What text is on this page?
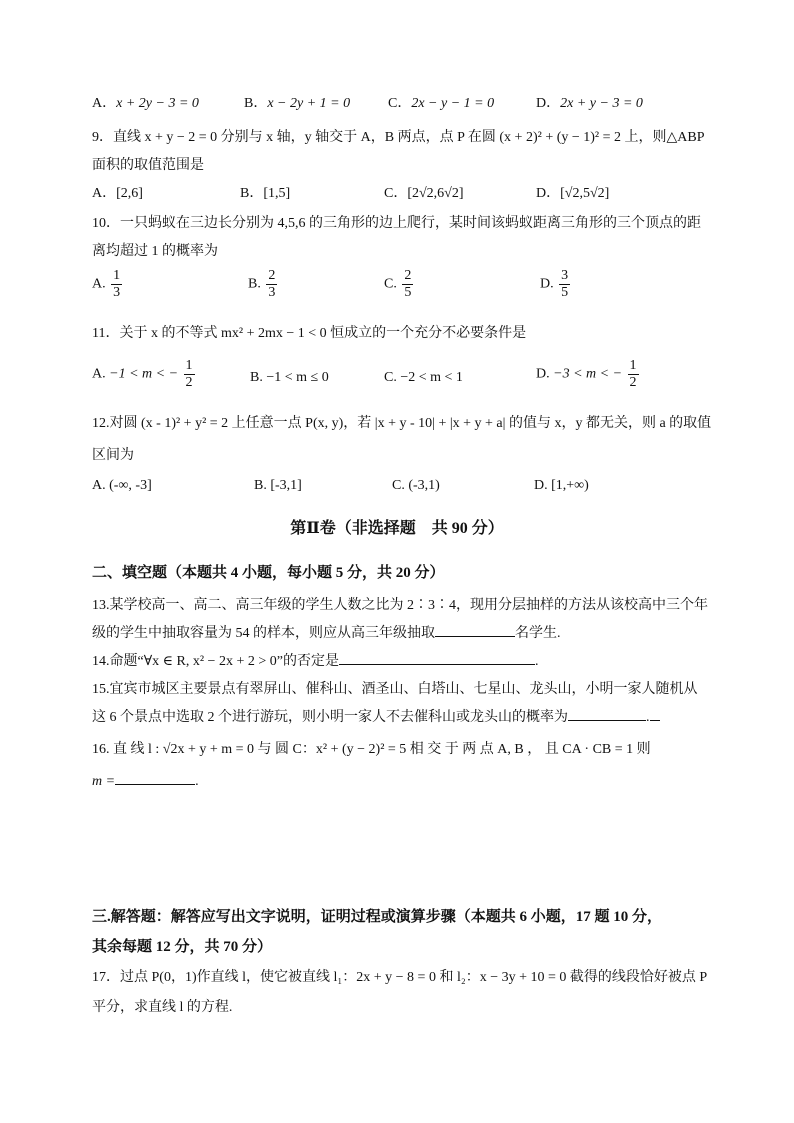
A．x + 2y − 3 = 0	B．x − 2y + 1 = 0	C．2x − y − 1 = 0	D．2x + y − 3 = 0
9．直线 x + y − 2 = 0 分别与 x 轴，y 轴交于 A，B 两点，点 P 在圆 (x + 2)² + (y − 1)² = 2 上，则△ABP
面积的取值范围是
A．[2,6]	B．[1,5]	C．[2√2,6√2]	D．[√2,5√2]
10．一只蚂蚁在三边长分别为 4,5,6 的三角形的边上爬行，某时间该蚂蚁距离三角形的三个顶点的距
离均超过 1 的概率为
A. $\frac{1}{3}$	B. $\frac{2}{3}$	C. $\frac{2}{5}$	D. $\frac{3}{5}$
11．关于 x 的不等式 mx² + 2mx − 1 < 0 恒成立的一个充分不必要条件是
A. −1 < m < − $\frac{1}{2}$	B. −1 < m ≤ 0	C. −2 < m < 1	D. −3 < m < − $\frac{1}{2}$
12.对圆 (x - 1)² + y² = 2 上任意一点 P(x, y)，若 |x + y - 10| + |x + y + a| 的值与 x，y 都无关，则 a 的取值
区间为
A. (-∞, -3]	B. [-3,1]	C. (-3,1)	D. [1,+∞)
第Ⅱ卷（非选择题　共 90 分）
二、填空题（本题共 4 小题，每小题 5 分，共 20 分）
13.某学校高一、高二、高三年级的学生人数之比为 2∶3∶4，现用分层抽样的方法从该校高中三个年
级的学生中抽取容量为 54 的样本，则应从高三年级抽取	名学生.
14.命题“∀x ∈ R, x² − 2x + 2 > 0”的否定是	.
15.宜宾市城区主要景点有翠屏山、催科山、酒圣山、白塔山、七星山、龙头山，小明一家人随机从
这 6 个景点中选取 2 个进行游玩，则小明一家人不去催科山或龙头山的概率为	.
16. 直 线 l : √2x + y + m = 0 与 圆 C：x² + (y − 2)² = 5 相 交 于 两 点 A, B ， 且 CA · CB = 1 则
m =	.
三.解答题：解答应写出文字说明，证明过程或演算步骤（本题共 6 小题，17 题 10 分，
其余每题 12 分，共 70 分）
17．过点 P(0，1)作直线 l，使它被直线 l₁：2x + y − 8 = 0 和 l₂：x − 3y + 10 = 0 截得的线段恰好被点 P
平分，求直线 l 的方程.
